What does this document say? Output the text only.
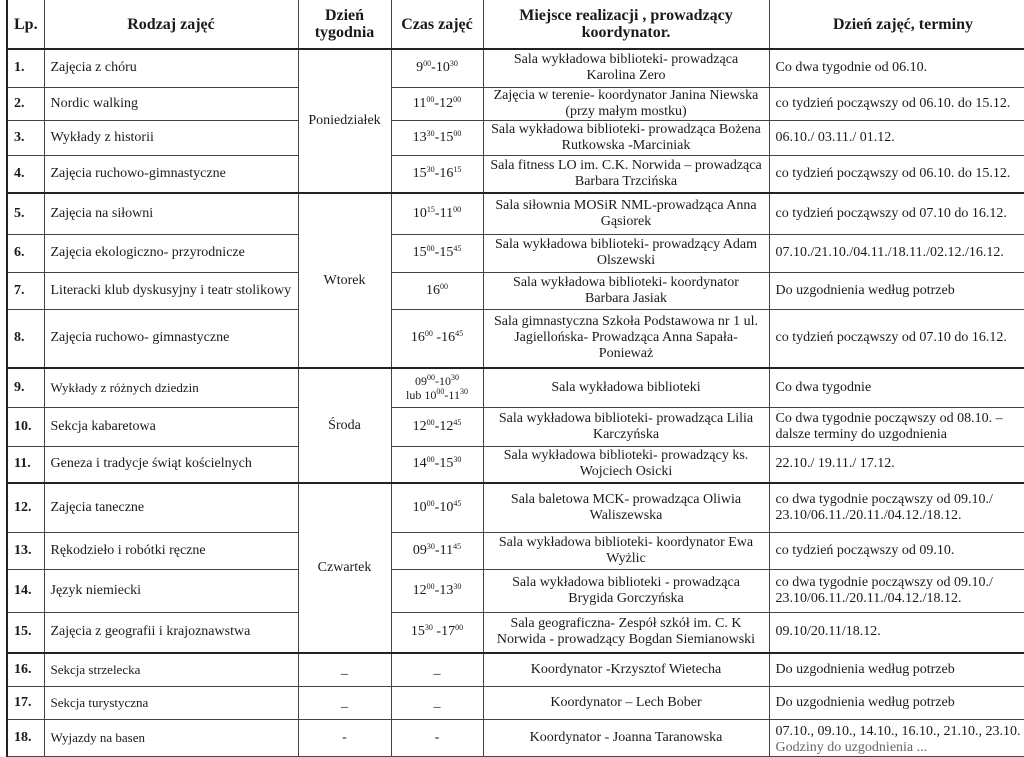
Lp.	Rodzaj zajęć	Dzień tygodnia	Czas zajęć	Miejsce realizacji , prowadzący koordynator.	Dzień zajęć, terminy
1.	Zajęcia z chóru	Poniedziałek	$9^{00}-10^{30}$	Sala wykładowa biblioteki- prowadząca Karolina Zero	Co dwa tygodnie od 06.10.

2.	Nordic walking		$11^{00}-12^{00}$	Zajęcia w terenie- koordynator Janina Niewska (przy małym mostku)	co tydzień począwszy od 06.10. do 15.12.

3.	Wykłady z historii		$13^{30}-15^{00}$	Sala wykładowa biblioteki- prowadząca Bożena Rutkowska -Marciniak	06.10./ 03.11./ 01.12.

4.	Zajęcia ruchowo-gimnastyczne		$15^{30}-16^{15}$	Sala fitness LO im. C.K. Norwida – prowadząca Barbara Trzcińska	co tydzień począwszy od 06.10. do 15.12.

5.	Zajęcia na siłowni	Wtorek	$10^{15}-11^{00}$	Sala siłownia MOSiR NML-prowadząca Anna Gąsiorek	co tydzień począwszy od 07.10 do 16.12.

6.	Zajęcia ekologiczno- przyrodnicze		$15^{00}-15^{45}$	Sala wykładowa biblioteki- prowadzący Adam Olszewski	07.10./21.10./04.11./18.11./02.12./16.12.

7.	Literacki klub dyskusyjny i teatr stolikowy		$16^{00}$	Sala wykładowa biblioteki- koordynator Barbara Jasiak	Do uzgodnienia według potrzeb

8.	Zajęcia ruchowo- gimnastyczne		$16^{00}$ $-16^{45}$	Sala gimnastyczna Szkoła Podstawowa nr 1 ul. Jagiellońska- Prowadząca Anna Sapała- Ponieważ	co tydzień począwszy od 07.10 do 16.12.

9.	Wykłady z różnych dziedzin	Środa	$09^{00}-10^{30}$
lub $10^{00}-11^{30}$	Sala wykładowa biblioteki	Co dwa tygodnie

10.	Sekcja kabaretowa		$12^{00}-12^{45}$	Sala wykładowa biblioteki- prowadząca Lilia Karczyńska	Co dwa tygodnie począwszy od 08.10. – dalsze terminy do uzgodnienia

11.	Geneza i tradycje świąt kościelnych		$14^{00}-15^{30}$	Sala wykładowa biblioteki- prowadzący ks. Wojciech Osicki	22.10./ 19.11./ 17.12.

12.	Zajęcia taneczne	Czwartek	$10^{00}-10^{45}$	Sala baletowa MCK- prowadząca Oliwia Waliszewska	co dwa tygodnie począwszy od 09.10./ 23.10/06.11./20.11./04.12./18.12.

13.	Rękodzieło i robótki ręczne		$09^{30}-11^{45}$	Sala wykładowa biblioteki- koordynator Ewa Wyżlic	co tydzień począwszy od 09.10.

14.	Język niemiecki		$12^{00}-13^{30}$	Sala wykładowa biblioteki - prowadząca Brygida Gorczyńska	co dwa tygodnie począwszy od 09.10./ 23.10/06.11./20.11./04.12./18.12.

15.	Zajęcia z geografii i krajoznawstwa		$15^{30}$ $-17^{00}$	Sala geograficzna- Zespół szkół im. C. K Norwida - prowadzący Bogdan Siemianowski	09.10/20.11/18.12.

16.	Sekcja strzelecka	_	_	Koordynator -Krzysztof Wietecha	Do uzgodnienia według potrzeb

17.	Sekcja turystyczna	_	_	Koordynator – Lech Bober	Do uzgodnienia według potrzeb

18.	Wyjazdy na basen	-	-	Koordynator - Joanna Taranowska	07.10., 09.10., 14.10., 16.10., 21.10., 23.10.
Godziny do uzgodnienia ...
